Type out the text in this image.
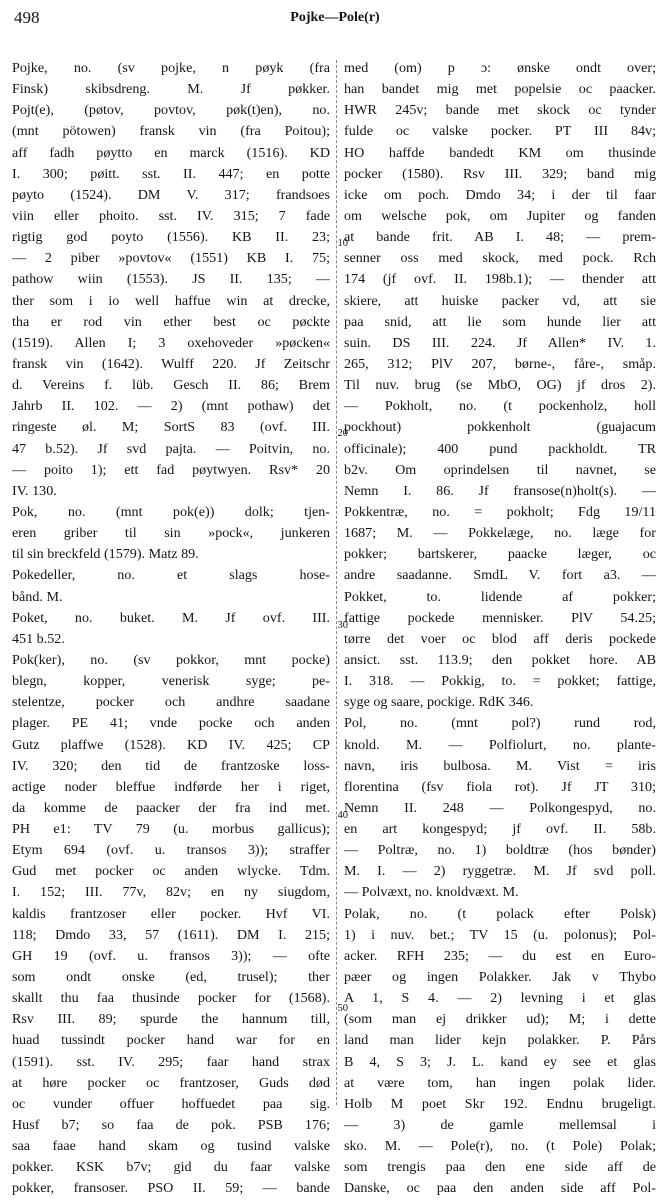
498	Pojke—Pole(r)
Pojke, no. (sv pojke, n pøyk (fra
Finsk) skibsdreng. M. Jf pøkker.
Pojt(e), (pøtov, povtov, pøk(t)en), no.
(mnt pötowen) fransk vin (fra Poitou);
aff fadh pøytto en marck (1516). KD
I. 300; pøitt. sst. II. 447; en potte
pøyto (1524). DM V. 317; frandsoes
viin eller phoito. sst. IV. 315; 7 fade
rigtig god poyto (1556). KB II. 23;
— 2 piber »povtov« (1551) KB I. 75;
pathow wiin (1553). JS II. 135; —
ther som i io well haffue win at drecke,
tha er rod vin ether best oc pøckte
(1519). Allen I; 3 oxehoveder »pøcken«
fransk vin (1642). Wulff 220. Jf Zeitschr
d. Vereins f. lüb. Gesch II. 86; Brem
Jahrb II. 102. — 2) (mnt pothaw) det
ringeste øl. M; SortS 83 (ovf. III.
47 b.52). Jf svd pajta. — Poitvin, no.
— poito 1); ett fad pøytwyen. Rsv* 20
IV. 130.
Pok, no. (mnt pok(e)) dolk; tjen-
eren griber til sin »pock«, junkeren
til sin breckfeld (1579). Matz 89.
Pokedeller, no. et slags hose-
bånd. M.
Poket, no. buket. M. Jf ovf. III.
451 b.52.
Pok(ker), no. (sv pokkor, mnt pocke)
blegn, kopper, venerisk syge; pe-
stelentze, pocker och andhre saadane
plager. PE 41; vnde pocke och anden
Gutz plaffwe (1528). KD IV. 425; CP
IV. 320; den tid de frantzoske loss-
actige noder bleffue indførde her i riget,
da komme de paacker der fra ind met.
PH e1: TV 79 (u. morbus gallicus);
Etym 694 (ovf. u. transos 3)); straffer
Gud met pocker oc anden wlycke. Tdm.
I. 152; III. 77v, 82v; en ny siugdom,
kaldis frantzoser eller pocker. Hvf VI.
118; Dmdo 33, 57 (1611). DM I. 215;
GH 19 (ovf. u. fransos 3)); — ofte
som ondt onske (ed, trusel); ther
skallt thu faa thusinde pocker for (1568).
Rsv III. 89; spurde the hannum till,
huad tussindt pocker hand war for en
(1591). sst. IV. 295; faar hand strax
at høre pocker oc frantzoser, Guds død
oc vunder offuer hoffuedet paa sig.
Husf b7; so faa de pok. PSB 176;
saa faae hand skam og tusind valske
pokker. KSK b7v; gid du faar valske
pokker, fransoser. PSO II. 59; — bande
med (om) p ɔ: ønske ondt over;
han bandet mig met popelsie oc paacker.
HWR 245v; bande met skock oc tynder
fulde oc valske pocker. PT III 84v;
HO haffde bandedt KM om thusinde
pocker (1580). Rsv III. 329; band mig
icke om poch. Dmdo 34; i der til faar
om welsche pok, om Jupiter og fanden
at bande frit. AB I. 48; — prem-
senner oss med skock, med pock. Rch
174 (jf ovf. II. 198b.1); — thender att
skiere, att huiske packer vd, att sie
paa snid, att lie som hunde lier att
suin. DS III. 224. Jf Allen* IV. 1.
265, 312; PlV 207, børne-, fåre-, småp.
Til nuv. brug (se MbO, OG) jf dros 2).
— Pokholt, no. (t pockenholz, holl
pockhout) pokkenholt (guajacum
officinale); 400 pund packholdt. TR
b2v. Om oprindelsen til navnet, se
Nemn I. 86. Jf fransose(n)holt(s). —
Pokkentræ, no. = pokholt; Fdg 19/11
1687; M. — Pokkelæge, no. læge for
pokker; bartskerer, paacke læger, oc
andre saadanne. SmdL V. fort a3. —
Pokket, to. lidende af pokker;
fattige pockede mennisker. PlV 54.25;
tørre det voer oc blod aff deris pockede
ansict. sst. 113.9; den pokket hore. AB
I. 318. — Pokkig, to. = pokket; fattige,
syge og saare, pockige. RdK 346.
Pol, no. (mnt pol?) rund rod,
knold. M. — Polfiolurt, no. plante-
navn, iris bulbosa. M. Vist = iris
florentina (fsv fiola rot). Jf JT 310;
Nemn II. 248 — Polkongespyd, no.
en art kongespyd; jf ovf. II. 58b.
— Poltræ, no. 1) boldtræ (hos bønder)
M. I. — 2) ryggetræ. M. Jf svd poll.
— Polvæxt, no. knoldvæxt. M.
Polak, no. (t polack efter Polsk)
1) i nuv. bet.; TV 15 (u. polonus); Pol-
acker. RFH 235; — du est en Euro-
pæer og ingen Polakker. Jak v Thybo
A 1, S 4. — 2) levning i et glas
(som man ej drikker ud); M; i dette
land man lider kejn polakker. P. Pårs
B 4, S 3; J. L. kand ey see et glas
at være tom, han ingen polak lider.
Holb M poet Skr 192. Endnu brugeligt.
— 3) de gamle mellemsal i
sko. M. — Pole(r), no. (t Pole) Polak;
som trengis paa den ene side aff de
Danske, oc paa den anden side aff Pol-
10
20
30
40
50
